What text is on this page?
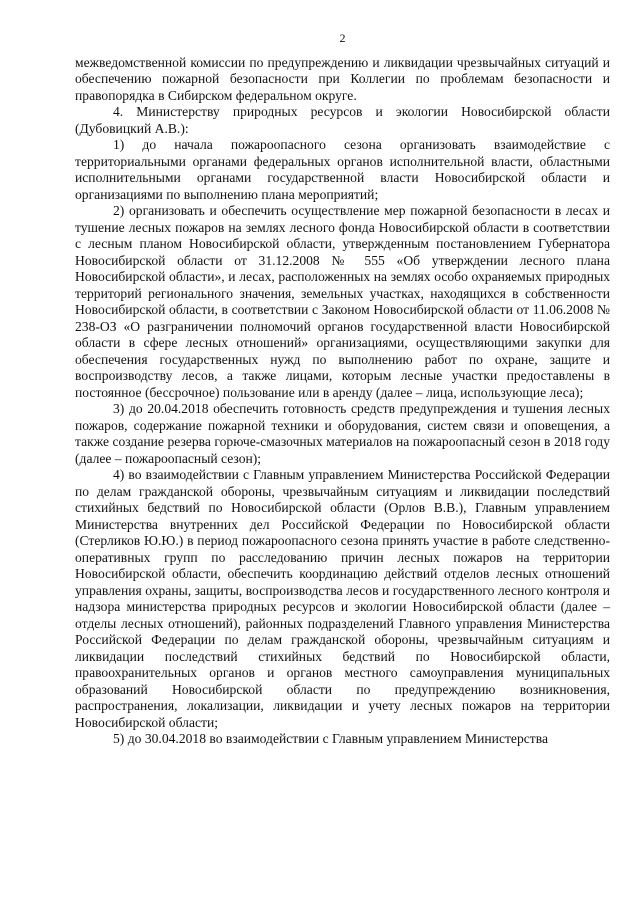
2

межведомственной комиссии по предупреждению и ликвидации чрезвычайных ситуаций и обеспечению пожарной безопасности при Коллегии по проблемам безопасности и правопорядка в Сибирском федеральном округе.

4. Министерству природных ресурсов и экологии Новосибирской области (Дубовицкий А.В.):

1) до начала пожароопасного сезона организовать взаимодействие с территориальными органами федеральных органов исполнительной власти, областными исполнительными органами государственной власти Новосибирской области и организациями по выполнению плана мероприятий;

2) организовать и обеспечить осуществление мер пожарной безопасности в лесах и тушение лесных пожаров на землях лесного фонда Новосибирской области в соответствии с лесным планом Новосибирской области, утвержденным постановлением Губернатора Новосибирской области от 31.12.2008 № 555 «Об утверждении лесного плана Новосибирской области», и лесах, расположенных на землях особо охраняемых природных территорий регионального значения, земельных участках, находящихся в собственности Новосибирской области, в соответствии с Законом Новосибирской области от 11.06.2008 № 238-ОЗ «О разграничении полномочий органов государственной власти Новосибирской области в сфере лесных отношений» организациями, осуществляющими закупки для обеспечения государственных нужд по выполнению работ по охране, защите и воспроизводству лесов, а также лицами, которым лесные участки предоставлены в постоянное (бессрочное) пользование или в аренду (далее – лица, использующие леса);

3) до 20.04.2018 обеспечить готовность средств предупреждения и тушения лесных пожаров, содержание пожарной техники и оборудования, систем связи и оповещения, а также создание резерва горюче-смазочных материалов на пожароопасный сезон в 2018 году (далее – пожароопасный сезон);

4) во взаимодействии с Главным управлением Министерства Российской Федерации по делам гражданской обороны, чрезвычайным ситуациям и ликвидации последствий стихийных бедствий по Новосибирской области (Орлов В.В.), Главным управлением Министерства внутренних дел Российской Федерации по Новосибирской области (Стерликов Ю.Ю.) в период пожароопасного сезона принять участие в работе следственно-оперативных групп по расследованию причин лесных пожаров на территории Новосибирской области, обеспечить координацию действий отделов лесных отношений управления охраны, защиты, воспроизводства лесов и государственного лесного контроля и надзора министерства природных ресурсов и экологии Новосибирской области (далее – отделы лесных отношений), районных подразделений Главного управления Министерства Российской Федерации по делам гражданской обороны, чрезвычайным ситуациям и ликвидации последствий стихийных бедствий по Новосибирской области, правоохранительных органов и органов местного самоуправления муниципальных образований Новосибирской области по предупреждению возникновения, распространения, локализации, ликвидации и учету лесных пожаров на территории Новосибирской области;

5) до 30.04.2018 во взаимодействии с Главным управлением Министерства
